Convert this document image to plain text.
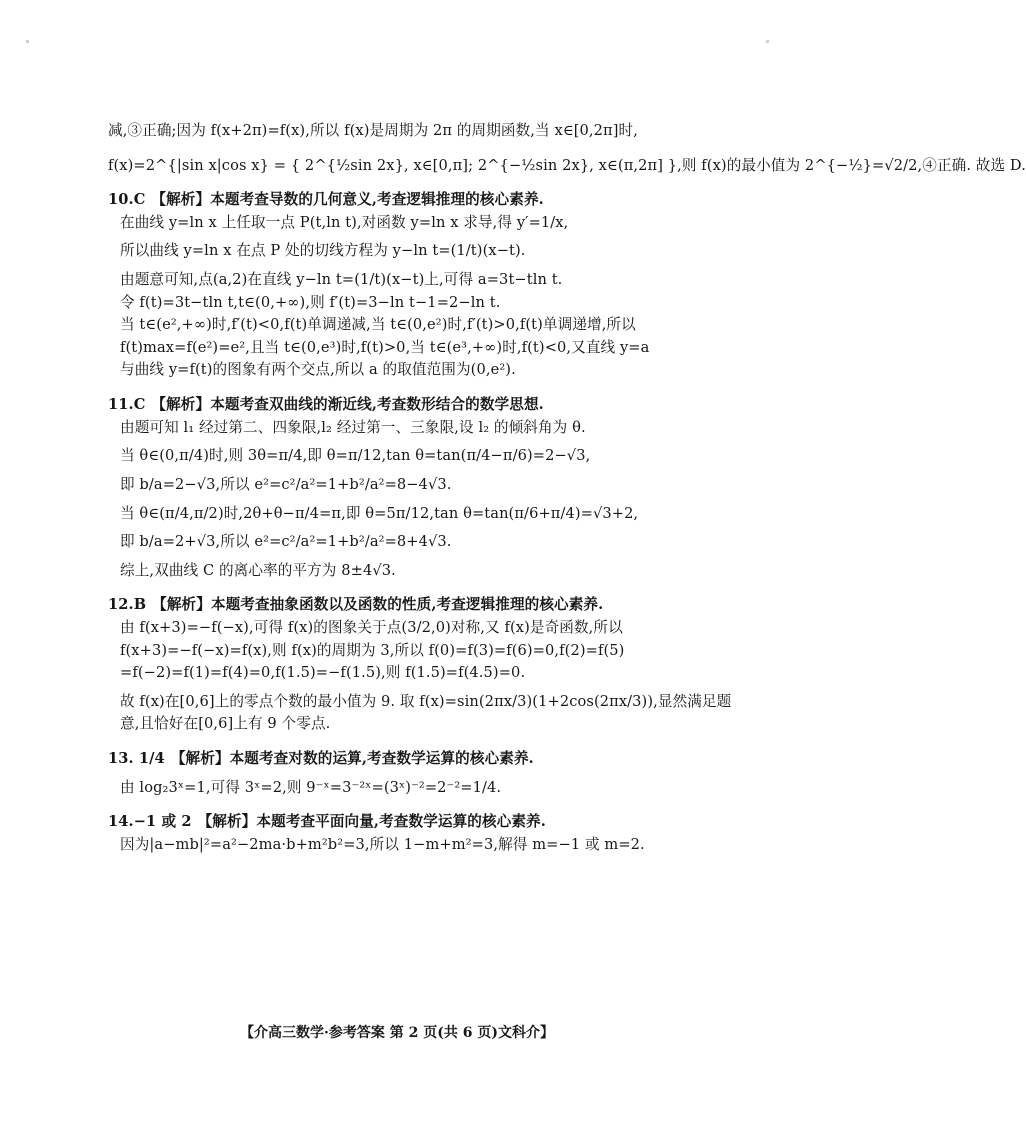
减,③正确;因为 f(x+2π)=f(x),所以 f(x)是周期为 2π 的周期函数,当 x∈[0,2π]时,

f(x)=2^{|sin x|cos x} = { 2^{½sin 2x}, x∈[0,π]; 2^{−½sin 2x}, x∈(π,2π] },则 f(x)的最小值为 2^{−½}=√2/2,④正确. 故选 D.

10.C 【解析】本题考查导数的几何意义,考查逻辑推理的核心素养.

在曲线 y=ln x 上任取一点 P(t,ln t),对函数 y=ln x 求导,得 y′=1/x,

所以曲线 y=ln x 在点 P 处的切线方程为 y−ln t=(1/t)(x−t).

由题意可知,点(a,2)在直线 y−ln t=(1/t)(x−t)上,可得 a=3t−tln t.

令 f(t)=3t−tln t,t∈(0,+∞),则 f′(t)=3−ln t−1=2−ln t.

当 t∈(e²,+∞)时,f′(t)<0,f(t)单调递减,当 t∈(0,e²)时,f′(t)>0,f(t)单调递增,所以

f(t)max=f(e²)=e²,且当 t∈(0,e³)时,f(t)>0,当 t∈(e³,+∞)时,f(t)<0,又直线 y=a

与曲线 y=f(t)的图象有两个交点,所以 a 的取值范围为(0,e²).

11.C 【解析】本题考查双曲线的渐近线,考查数形结合的数学思想.

由题可知 l₁ 经过第二、四象限,l₂ 经过第一、三象限,设 l₂ 的倾斜角为 θ.

当 θ∈(0,π/4)时,则 3θ=π/4,即 θ=π/12,tan θ=tan(π/4−π/6)=2−√3,

即 b/a=2−√3,所以 e²=c²/a²=1+b²/a²=8−4√3.

当 θ∈(π/4,π/2)时,2θ+θ−π/4=π,即 θ=5π/12,tan θ=tan(π/6+π/4)=√3+2,

即 b/a=2+√3,所以 e²=c²/a²=1+b²/a²=8+4√3.

综上,双曲线 C 的离心率的平方为 8±4√3.

12.B 【解析】本题考查抽象函数以及函数的性质,考查逻辑推理的核心素养.

由 f(x+3)=−f(−x),可得 f(x)的图象关于点(3/2,0)对称,又 f(x)是奇函数,所以

f(x+3)=−f(−x)=f(x),则 f(x)的周期为 3,所以 f(0)=f(3)=f(6)=0,f(2)=f(5)

=f(−2)=f(1)=f(4)=0,f(1.5)=−f(1.5),则 f(1.5)=f(4.5)=0.

故 f(x)在[0,6]上的零点个数的最小值为 9. 取 f(x)=sin(2πx/3)(1+2cos(2πx/3)),显然满足题

意,且恰好在[0,6]上有 9 个零点.

13. 1/4 【解析】本题考查对数的运算,考查数学运算的核心素养.

由 log₂3ˣ=1,可得 3ˣ=2,则 9⁻ˣ=3⁻²ˣ=(3ˣ)⁻²=2⁻²=1/4.

14.−1 或 2 【解析】本题考查平面向量,考查数学运算的核心素养.

因为|a−mb|²=a²−2ma·b+m²b²=3,所以 1−m+m²=3,解得 m=−1 或 m=2.

【介高三数学·参考答案 第 2 页(共 6 页)文科介】
